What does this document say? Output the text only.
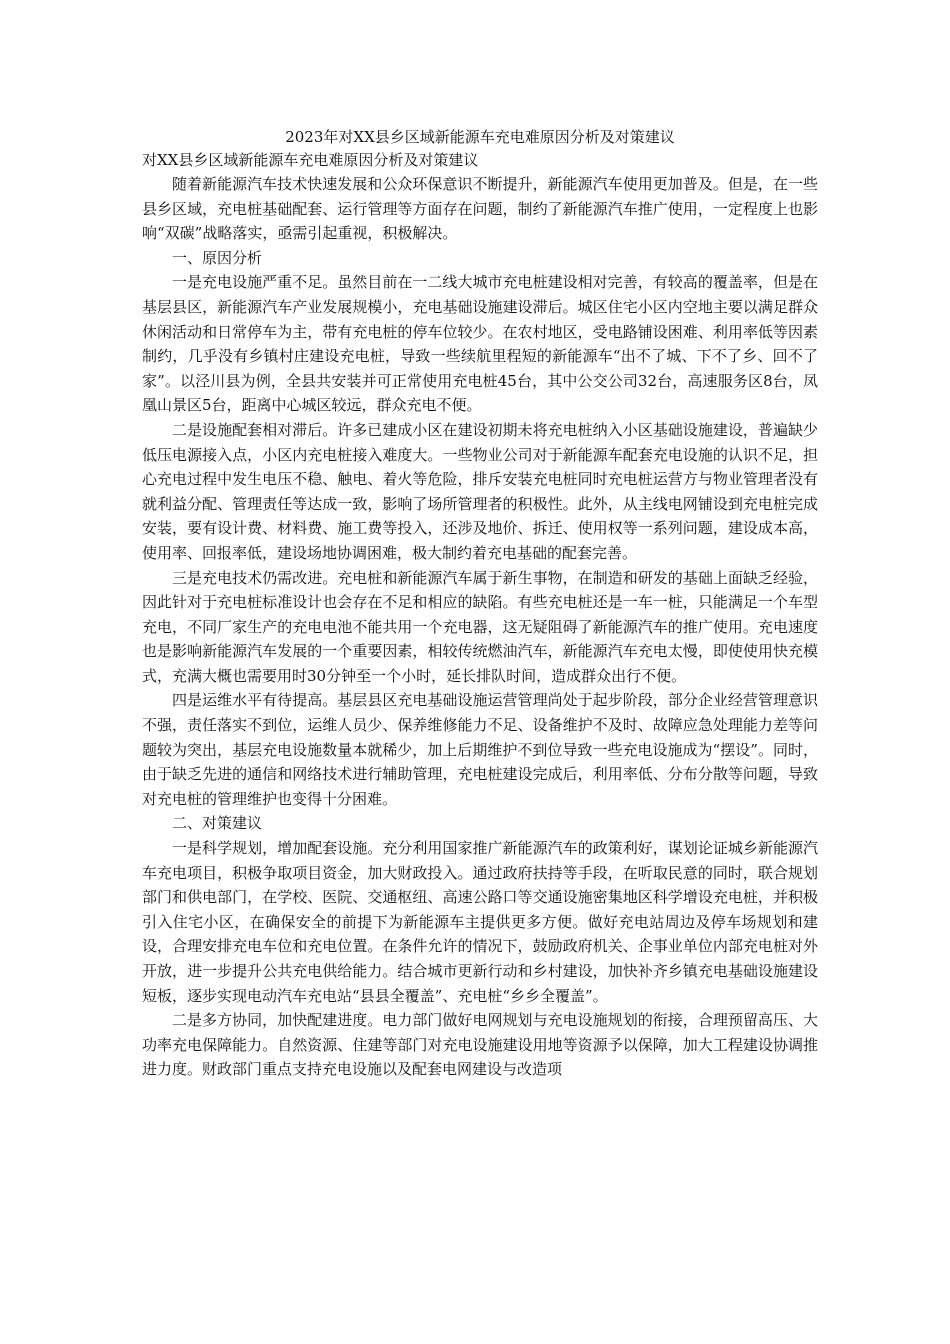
2023年对XX县乡区域新能源车充电难原因分析及对策建议

对XX县乡区域新能源车充电难原因分析及对策建议

随着新能源汽车技术快速发展和公众环保意识不断提升，新能源汽车使用更加普及。但是，在一些县乡区域，充电桩基础配套、运行管理等方面存在问题，制约了新能源汽车推广使用，一定程度上也影响“双碳”战略落实，亟需引起重视，积极解决。

一、原因分析

一是充电设施严重不足。虽然目前在一二线大城市充电桩建设相对完善，有较高的覆盖率，但是在基层县区，新能源汽车产业发展规模小，充电基础设施建设滞后。城区住宅小区内空地主要以满足群众休闲活动和日常停车为主，带有充电桩的停车位较少。在农村地区，受电路铺设困难、利用率低等因素制约，几乎没有乡镇村庄建设充电桩，导致一些续航里程短的新能源车“出不了城、下不了乡、回不了家”。以泾川县为例，全县共安装并可正常使用充电桩45台，其中公交公司32台，高速服务区8台，凤凰山景区5台，距离中心城区较远，群众充电不便。

二是设施配套相对滞后。许多已建成小区在建设初期未将充电桩纳入小区基础设施建设，普遍缺少低压电源接入点，小区内充电桩接入难度大。一些物业公司对于新能源车配套充电设施的认识不足，担心充电过程中发生电压不稳、触电、着火等危险，排斥安装充电桩同时充电桩运营方与物业管理者没有就利益分配、管理责任等达成一致，影响了场所管理者的积极性。此外，从主线电网铺设到充电桩完成安装，要有设计费、材料费、施工费等投入，还涉及地价、拆迁、使用权等一系列问题，建设成本高，使用率、回报率低，建设场地协调困难，极大制约着充电基础的配套完善。

三是充电技术仍需改进。充电桩和新能源汽车属于新生事物，在制造和研发的基础上面缺乏经验，因此针对于充电桩标准设计也会存在不足和相应的缺陷。有些充电桩还是一车一桩，只能满足一个车型充电，不同厂家生产的充电电池不能共用一个充电器，这无疑阻碍了新能源汽车的推广使用。充电速度也是影响新能源汽车发展的一个重要因素，相较传统燃油汽车，新能源汽车充电太慢，即使使用快充模式，充满大概也需要用时30分钟至一个小时，延长排队时间，造成群众出行不便。

四是运维水平有待提高。基层县区充电基础设施运营管理尚处于起步阶段，部分企业经营管理意识不强，责任落实不到位，运维人员少、保养维修能力不足、设备维护不及时、故障应急处理能力差等问题较为突出，基层充电设施数量本就稀少，加上后期维护不到位导致一些充电设施成为“摆设”。同时，由于缺乏先进的通信和网络技术进行辅助管理，充电桩建设完成后，利用率低、分布分散等问题，导致对充电桩的管理维护也变得十分困难。

二、对策建议

一是科学规划，增加配套设施。充分利用国家推广新能源汽车的政策利好，谋划论证城乡新能源汽车充电项目，积极争取项目资金，加大财政投入。通过政府扶持等手段，在听取民意的同时，联合规划部门和供电部门，在学校、医院、交通枢纽、高速公路口等交通设施密集地区科学增设充电桩，并积极引入住宅小区，在确保安全的前提下为新能源车主提供更多方便。做好充电站周边及停车场规划和建设，合理安排充电车位和充电位置。在条件允许的情况下，鼓励政府机关、企事业单位内部充电桩对外开放，进一步提升公共充电供给能力。结合城市更新行动和乡村建设，加快补齐乡镇充电基础设施建设短板，逐步实现电动汽车充电站“县县全覆盖”、充电桩“乡乡全覆盖”。

二是多方协同，加快配建进度。电力部门做好电网规划与充电设施规划的衔接，合理预留高压、大功率充电保障能力。自然资源、住建等部门对充电设施建设用地等资源予以保障，加大工程建设协调推进力度。财政部门重点支持充电设施以及配套电网建设与改造项
